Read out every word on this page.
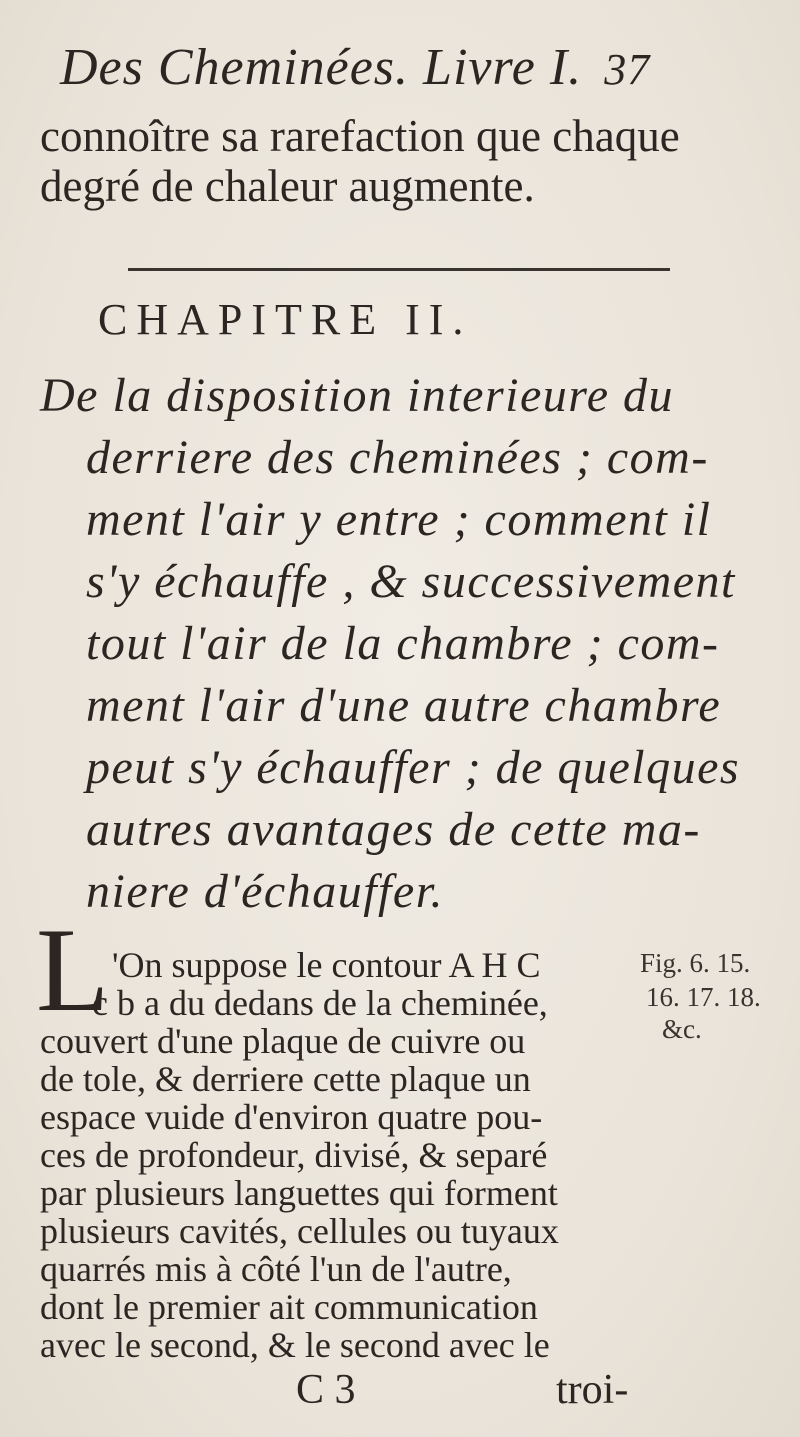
Des Cheminées. Livre I. 37
connoître sa rarefaction que chaque
degré de chaleur augmente.
CHAPITRE II.
De la disposition interieure du
derriere des cheminées ; com-
ment l'air y entre ; comment il
s'y échauffe , & successivement
tout l'air de la chambre ; com-
ment l'air d'une autre chambre
peut s'y échauffer ; de quelques
autres avantages de cette ma-
niere d'échauffer.
L	Fig. 6. 15.
16. 17. 18.
&c.
C 3	troi-
'On suppose le contour A H C
c b a du dedans de la cheminée,
couvert d'une plaque de cuivre ou
de tole, & derriere cette plaque un
espace vuide d'environ quatre pou-
ces de profondeur, divisé, & separé
par plusieurs languettes qui forment
plusieurs cavités, cellules ou tuyaux
quarrés mis à côté l'un de l'autre,
dont le premier ait communication
avec le second, & le second avec le
